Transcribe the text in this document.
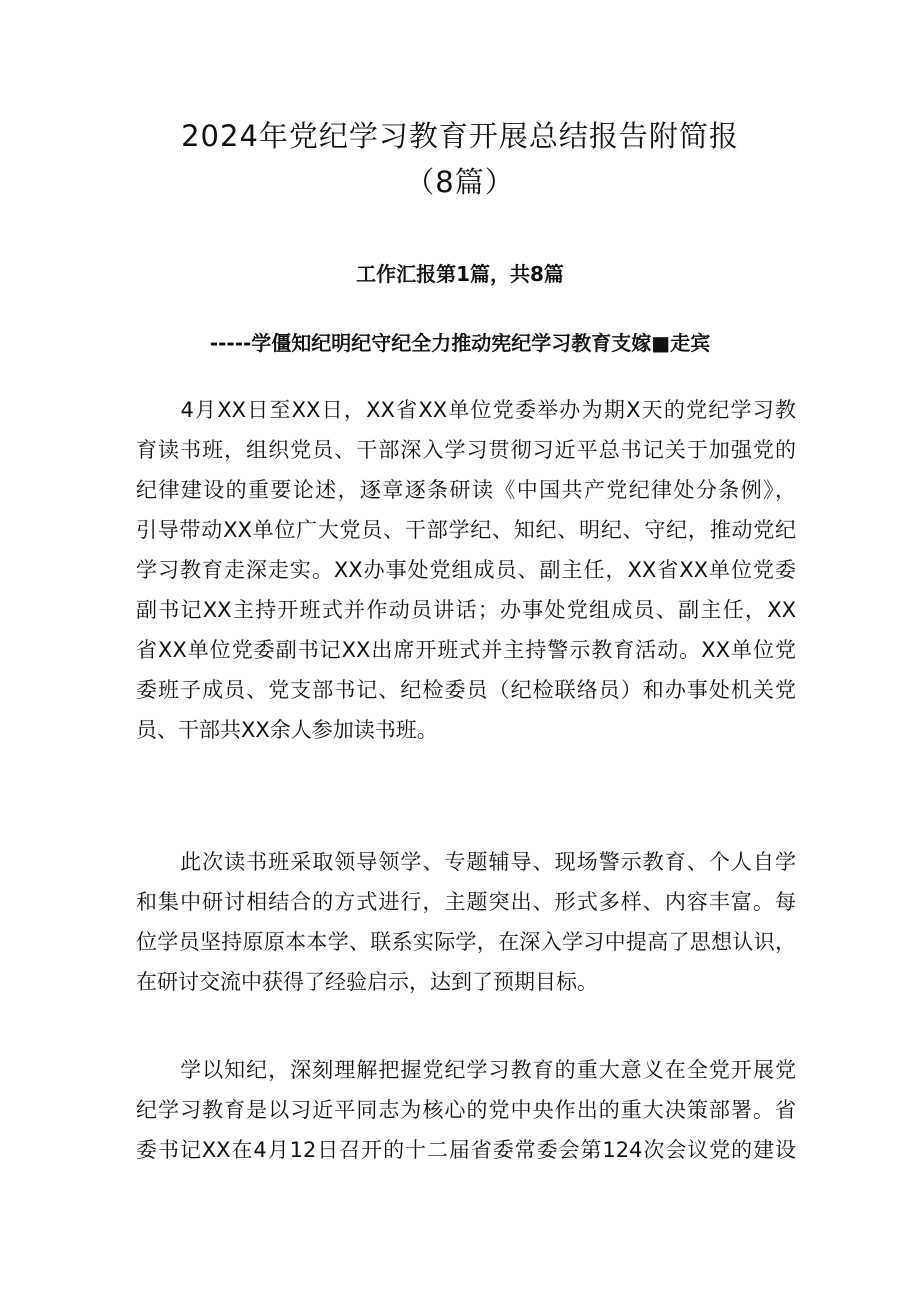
2024年党纪学习教育开展总结报告附简报
（8篇）
工作汇报第1篇，共8篇
-----学僵知纪明纪守纪全力推动宪纪学习教育支嫁■走宾
　　4月XX日至XX日，XX省XX单位党委举办为期X天的党纪学习教
育读书班，组织党员、干部深入学习贯彻习近平总书记关于加强党的
纪律建设的重要论述，逐章逐条研读《中国共产党纪律处分条例》，
引导带动XX单位广大党员、干部学纪、知纪、明纪、守纪，推动党纪
学习教育走深走实。XX办事处党组成员、副主任，XX省XX单位党委
副书记XX主持开班式并作动员讲话；办事处党组成员、副主任，XX
省XX单位党委副书记XX出席开班式并主持警示教育活动。XX单位党
委班子成员、党支部书记、纪检委员（纪检联络员）和办事处机关党
员、干部共XX余人参加读书班。
　　此次读书班采取领导领学、专题辅导、现场警示教育、个人自学
和集中研讨相结合的方式进行，主题突出、形式多样、内容丰富。每
位学员坚持原原本本学、联系实际学，在深入学习中提高了思想认识，
在研讨交流中获得了经验启示，达到了预期目标。
　　学以知纪，深刻理解把握党纪学习教育的重大意义在全党开展党
纪学习教育是以习近平同志为核心的党中央作出的重大决策部署。省
委书记XX在4月12日召开的十二届省委常委会第124次会议党的建设
